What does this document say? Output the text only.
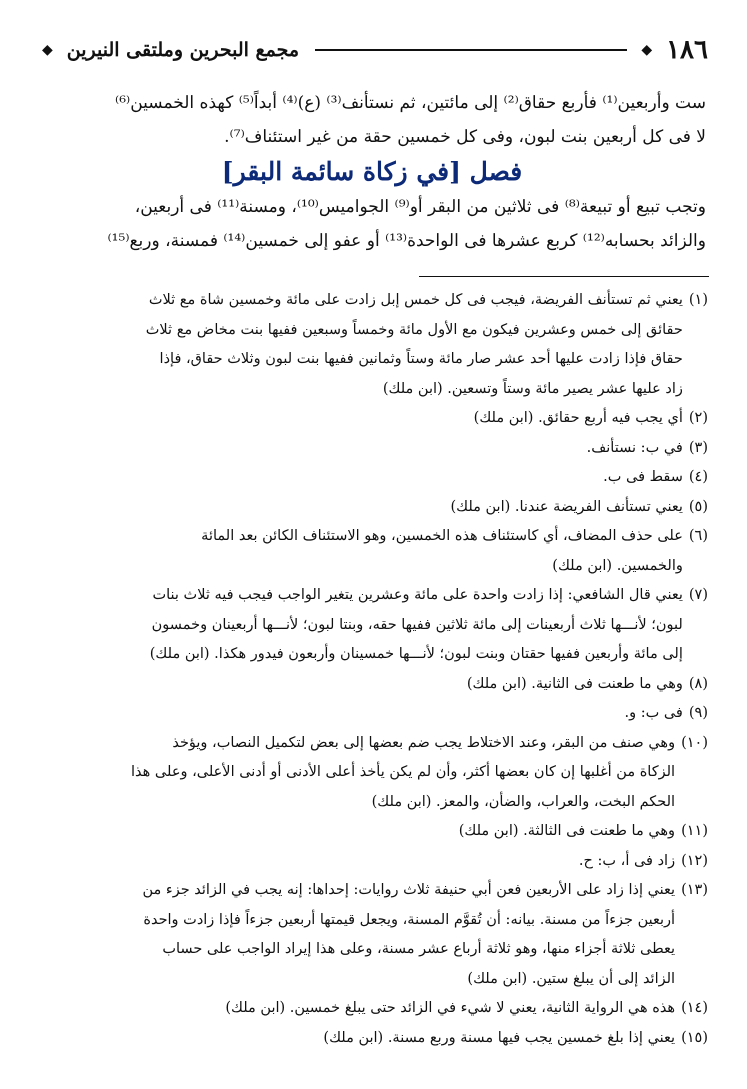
١٨٦
◆
مجمع البحرين وملتقى النيرين
◆

ست وأربعين⁽¹⁾ فأربع حقاق⁽²⁾ إلى مائتين، ثم نستأنف⁽³⁾ (ع)⁽⁴⁾ أبداً⁽⁵⁾ كهذه الخمسين⁽⁶⁾

لا فى كل أربعين بنت لبون، وفى كل خمسين حقة من غير استئناف⁽⁷⁾.

فصل [في زكاة سائمة البقر]

وتجب تبيع أو تبيعة⁽⁸⁾ فى ثلاثين من البقر أو⁽⁹⁾ الجواميس⁽¹⁰⁾، ومسنة⁽¹¹⁾ فى أربعين،

والزائد بحسابه⁽¹²⁾ كربع عشرها فى الواحدة⁽¹³⁾ أو عفو إلى خمسين⁽¹⁴⁾ فمسنة، وربع⁽¹⁵⁾

(١)
يعني ثم تستأنف الفريضة، فيجب فى كل خمس إبل زادت على مائة وخمسين شاة مع ثلاث
حقائق إلى خمس وعشرين فيكون مع الأول مائة وخمساً وسبعين ففيها بنت مخاض مع ثلاث
حقاق فإذا زادت عليها أحد عشر صار مائة وستاً وثمانين ففيها بنت لبون وثلاث حقاق، فإذا
زاد عليها عشر يصير مائة وستاً وتسعين. (ابن ملك)
(٢)
أي يجب فيه أربع حقائق. (ابن ملك)
(٣)
في ب: نستأنف.
(٤)
سقط فى ب.
(٥)
يعني تستأنف الفريضة عندنا. (ابن ملك)
(٦)
على حذف المضاف، أي كاستئناف هذه الخمسين، وهو الاستئناف الكائن بعد المائة
والخمسين. (ابن ملك)
(٧)
يعني قال الشافعي: إذا زادت واحدة على مائة وعشرين يتغير الواجب فيجب فيه ثلاث بنات
لبون؛ لأنـــها ثلاث أربعينات إلى مائة ثلاثين ففيها حقه، وبنتا لبون؛ لأنـــها أربعينان وخمسون
إلى مائة وأربعين ففيها حقتان وبنت لبون؛ لأنـــها خمسينان وأربعون فيدور هكذا. (ابن ملك)
(٨)
وهي ما طعنت فى الثانية. (ابن ملك)
(٩)
فى ب: و.
(١٠)
وهي صنف من البقر، وعند الاختلاط يجب ضم بعضها إلى بعض لتكميل النصاب، ويؤخذ
الزكاة من أغلبها إن كان بعضها أكثر، وأن لم يكن يأخذ أعلى الأدنى أو أدنى الأعلى، وعلى هذا
الحكم البخت، والعراب، والضأن، والمعز. (ابن ملك)
(١١)
وهي ما طعنت فى الثالثة. (ابن ملك)
(١٢)
زاد فى أ، ب: ح.
(١٣)
يعني إذا زاد على الأربعين فعن أبي حنيفة ثلاث روايات: إحداها: إنه يجب في الزائد جزء من
أربعين جزءاً من مسنة. بيانه: أن تُقوَّم المسنة، ويجعل قيمتها أربعين جزءاً فإذا زادت واحدة
يعطى ثلاثة أجزاء منها، وهو ثلاثة أرباع عشر مسنة، وعلى هذا إيراد الواجب على حساب
الزائد إلى أن يبلغ ستين. (ابن ملك)
(١٤)
هذه هي الرواية الثانية، يعني لا شيء في الزائد حتى يبلغ خمسين. (ابن ملك)
(١٥)
يعني إذا بلغ خمسين يجب فيها مسنة وربع مسنة. (ابن ملك)
